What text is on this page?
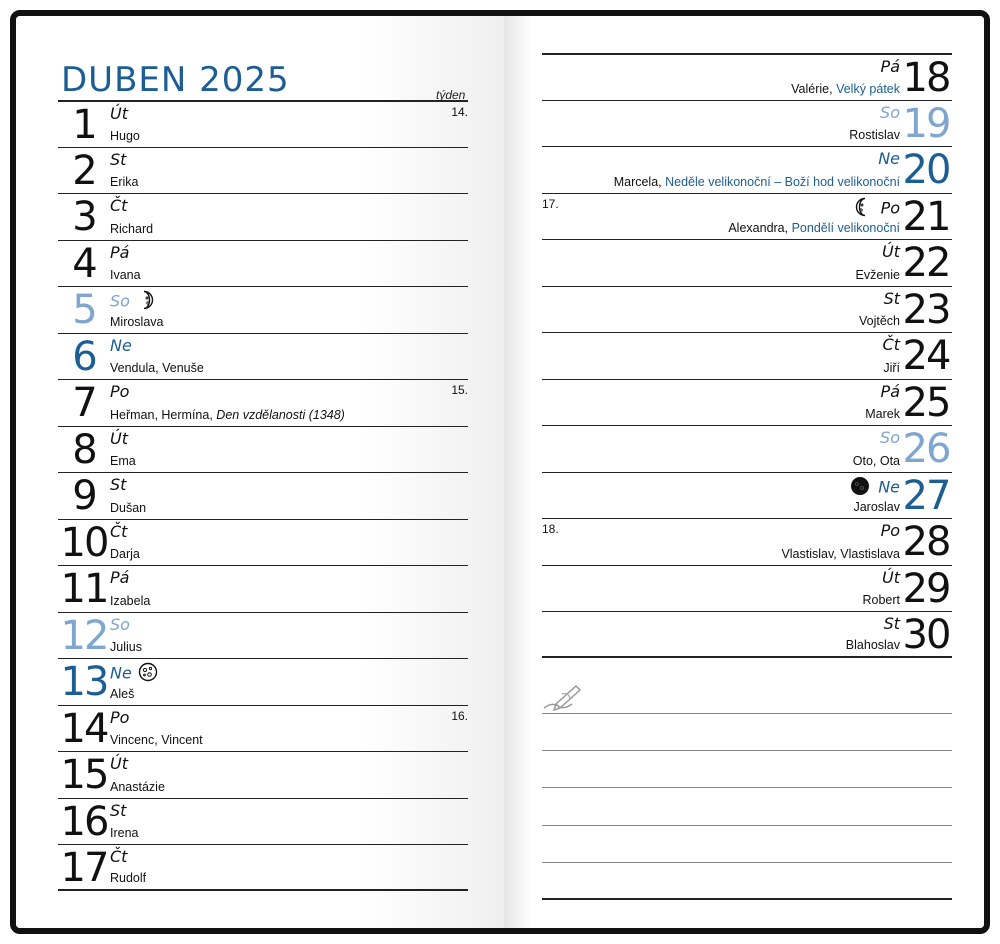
DUBEN 2025	týden
1 Út
Hugo
14.
2 St
Erika
3 Čt
Richard
4 Pá
Ivana
5 So
Miroslava
6 Ne
Vendula, Venuše
7 Po
Heřman, Hermína, Den vzdělanosti (1348)
15.
8 Út
Ema
9 St
Dušan
10 Čt
Darja
11 Pá
Izabela
12 So
Julius
13 Ne
Aleš
14 Po
Vincenc, Vincent
16.
15 Út
Anastázie
16 St
Irena
17 Čt
Rudolf
18
Pá
Valérie, Velký pátek
19
So
Rostislav
20
Ne
Marcela, Neděle velikonoční – Boží hod velikonoční
21
Po
Alexandra, Pondělí velikonoční
17.
22
Út
Evženie
23
St
Vojtěch
24
Čt
Jiří
25
Pá
Marek
26
So
Oto, Ota
27
Ne
Jaroslav
28
Po
Vlastislav, Vlastislava
18.
29
Út
Robert
30
St
Blahoslav
